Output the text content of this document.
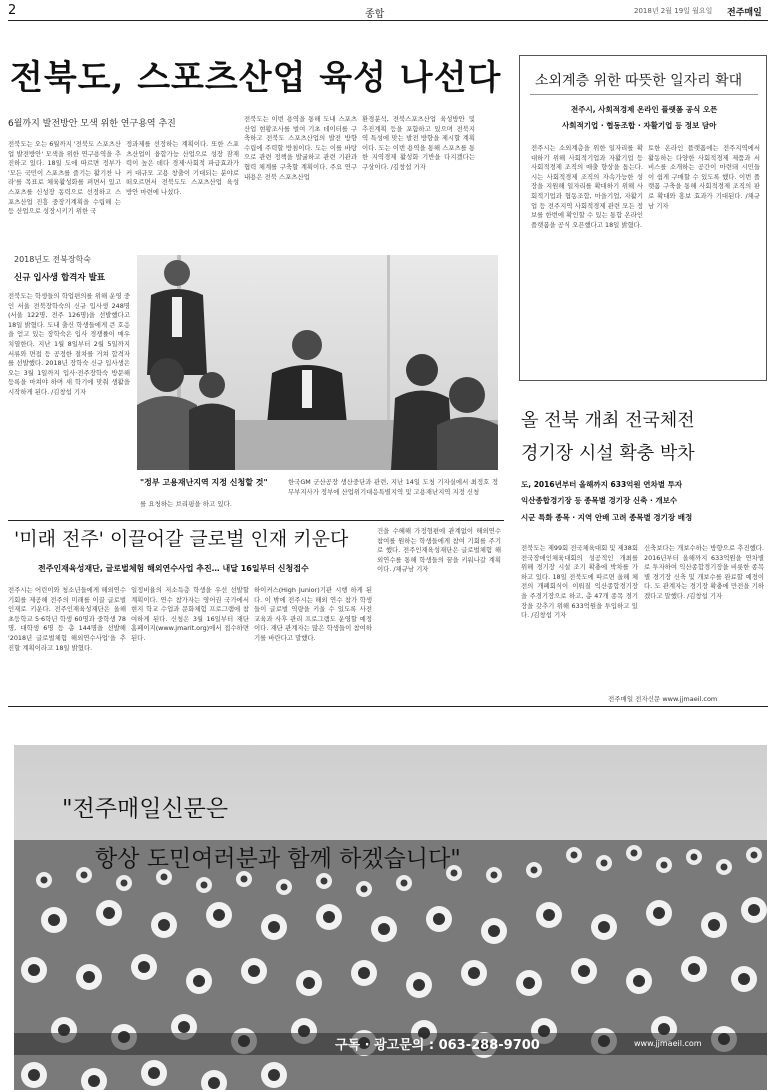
2	종합	2018년 2월 19일 월요일 전주매일
전북도, 스포츠산업 육성 나선다
6월까지 발전방안 모색 위한 연구용역 추진
전북도는 오는 6월까지 '전북도 스포츠산업 발전방안' 모색을 위한 연구용역을 추진하고 있다. 18일 도에 따르면 정부가 '모든 국민이 스포츠를 즐기는 활기찬 나라'를 목표로 체육활성화를 펴면서 있고 스포츠를 신성장 동력으로 선정하고 스포츠산업 진흥 중장기계획을 수립해 는 등 산업으로 성장시키기 위한 국
정과제를 선정하는 계획이다. 또한 스포츠산업이 융합가능 산업으로 성장 잠재력이 높은 데다 경제·사회적 파급효과가 커 대규모 고용 창출이 기대되는 분야로 떠오르면서 전북도도 스포츠산업 육성 방안 마련에 나섰다.
전북도는 이번 용역을 통해 도내 스포츠산업 현황조사를 벌여 기초 데이터를 구축하고 전북도 스포츠산업의 발전 방향 수립에 주력할 방침이다. 도는 이를 바탕으로 관련 정책을 발굴하고 관련 기관과 협력 체계를 구축할 계획이다. 주요 연구내용은 전북 스포츠산업
환경분석, 전북스포츠산업 육성방안 및 추진계획 등을 포함하고 있으며 전북지역 특성에 맞는 발전 방향을 제시할 계획이다. 도는 이번 용역을 통해 스포츠를 통한 지역경제 활성화 기반을 다지겠다는 구상이다. /김창섭 기자
소외계층 위한 따뜻한 일자리 확대
전주시, 사회적경제 온라인 플랫폼 공식 오픈
사회적기업 · 협동조합 · 자활기업 등 정보 담아
전주시는 소외계층을 위한 일자리를 확대하기 위해 사회적기업과 자활기업 등 사회적경제 조직의 매출 향상을 돕는다. 시는 사회적경제 조직의 자속가능한 성장을 지원해 일자리를 확대하기 위해 사회적기업과 협동조합, 마을기업, 자활기업 등 전주지역 사회적경제 관련 모든 정보를 한번에 확인할 수 있는 통합 온라인 플랫폼을 공식 오픈했다고 18일 밝혔다.
토한 온라인 플랫폼에는 전주지역에서 활동하는 다양한 사회적경제 제품과 서비스를 소개하는 공간이 마련돼 시민들이 쉽게 구매할 수 있도록 했다. 이번 플랫폼 구축을 통해 사회적경제 조직의 판로 확대와 홍보 효과가 기대된다. /채규남 기자
2018년도 전북장학숙
신규 입사생 합격자 발표
전북도는 학생들의 학업편의를 위해 운영 중인 서울 전북장학숙의 신규 입사생 248명(서울 122명, 전주 126명)을 선발했다고 18일 밝혔다. 도내 출신 학생들에게 큰 호응을 얻고 있는 장학숙은 입사 경쟁률이 매우 치열한다. 지난 1월 8일부터 2월 5일까지 서류와 면접 등 공정한 절차를 거쳐 합격자를 선발했다. 2018년 장학숙 신규 입사생은 오는 3월 1일까지 입사·전주장학숙 방문해 등록을 마쳐야 하며 새 학기에 맞춰 생활을 시작하게 된다. /김창섭 기자
"정부 고용재난지역 지정 신청할 것"
를 요청하는 브리핑을 하고 있다.
한국GM 군산공장 생산중단과 관련, 지난 14일 도청 기자실에서 최정호 정무부지사가 정부에 산업위기대응특별지역 및 고용재난지역 지정 신청
'미래 전주' 이끌어갈 글로벌 인재 키운다
전주인재육성재단, 글로벌체험 해외연수사업 추진… 내달 16일부터 신청접수
전주시는 어린이와 청소년들에게 해외연수 기회를 제공해 전주의 미래를 이끌 글로벌 인재로 키운다. 전주인재육성재단은 올해 초등학교 5·6학년 학생 60명과 중학생 78명, 대학생 6명 등 총 144명을 선발해 '2018년 글로벌체험 해외연수사업'을 추진할 계획이라고 18일 밝혔다.
일정비율의 저소득층 학생을 우선 선발할 계획이다. 연수 참가자는 영어권 국가에서 현지 학교 수업과 문화체험 프로그램에 참여하게 된다. 신청은 3월 16일부터 재단 홈페이지(www.jmarit.org)에서 접수하면 된다.
하이커스(High Junior)기관 시행 하게 된다. 이 밖에 전주시는 해외 연수 참가 학생들이 글로벌 역량을 키울 수 있도록 사전 교육과 사후 관리 프로그램도 운영할 예정이다. 재단 관계자는 많은 학생들이 참여하기를 바란다고 말했다.
건을 수혜해 가정형편에 관계없이 해외연수 참여를 원하는 학생들에게 참여 기회를 주기로 했다. 전주인재육성재단은 글로벌체험 해외연수를 통해 학생들의 꿈을 키워나갈 계획이다. /채규남 기자
올 전북 개최 전국체전
경기장 시설 확충 박차
도, 2016년부터 올해까지 633억원 연차별 투자
익산종합경기장 등 종목별 경기장 신축 · 개보수
시군 특화 종목 · 지역 안배 고려 종목별 경기장 배정
전북도는 제99회 전국체육대회 및 제38회 전국장애인체육대회의 성공적인 개최를 위해 경기장 시설 조기 확충에 박차를 가하고 있다. 18일 전북도에 따르면 올해 체전의 개폐회식이 이뤄질 익산종합경기장을 주경기장으로 하고, 총 47개 종목 경기장을 갖추기 위해 633억원을 투입하고 있다. /김창섭 기자
신축보다는 개보수하는 방향으로 추진했다. 2016년부터 올해까지 633억원을 연차별로 투자하여 익산종합경기장을 비롯한 종목별 경기장 신축 및 개보수를 완료할 예정이다. 도 관계자는 경기장 확충에 만전을 기하겠다고 말했다. /김창섭 기자
전주매일 전자신문 www.jjmaeil.com
"전주매일신문은
항상 도민여러분과 함께 하겠습니다"
구독 · 광고문의 : 063-288-9700	www.jjmaeil.com
